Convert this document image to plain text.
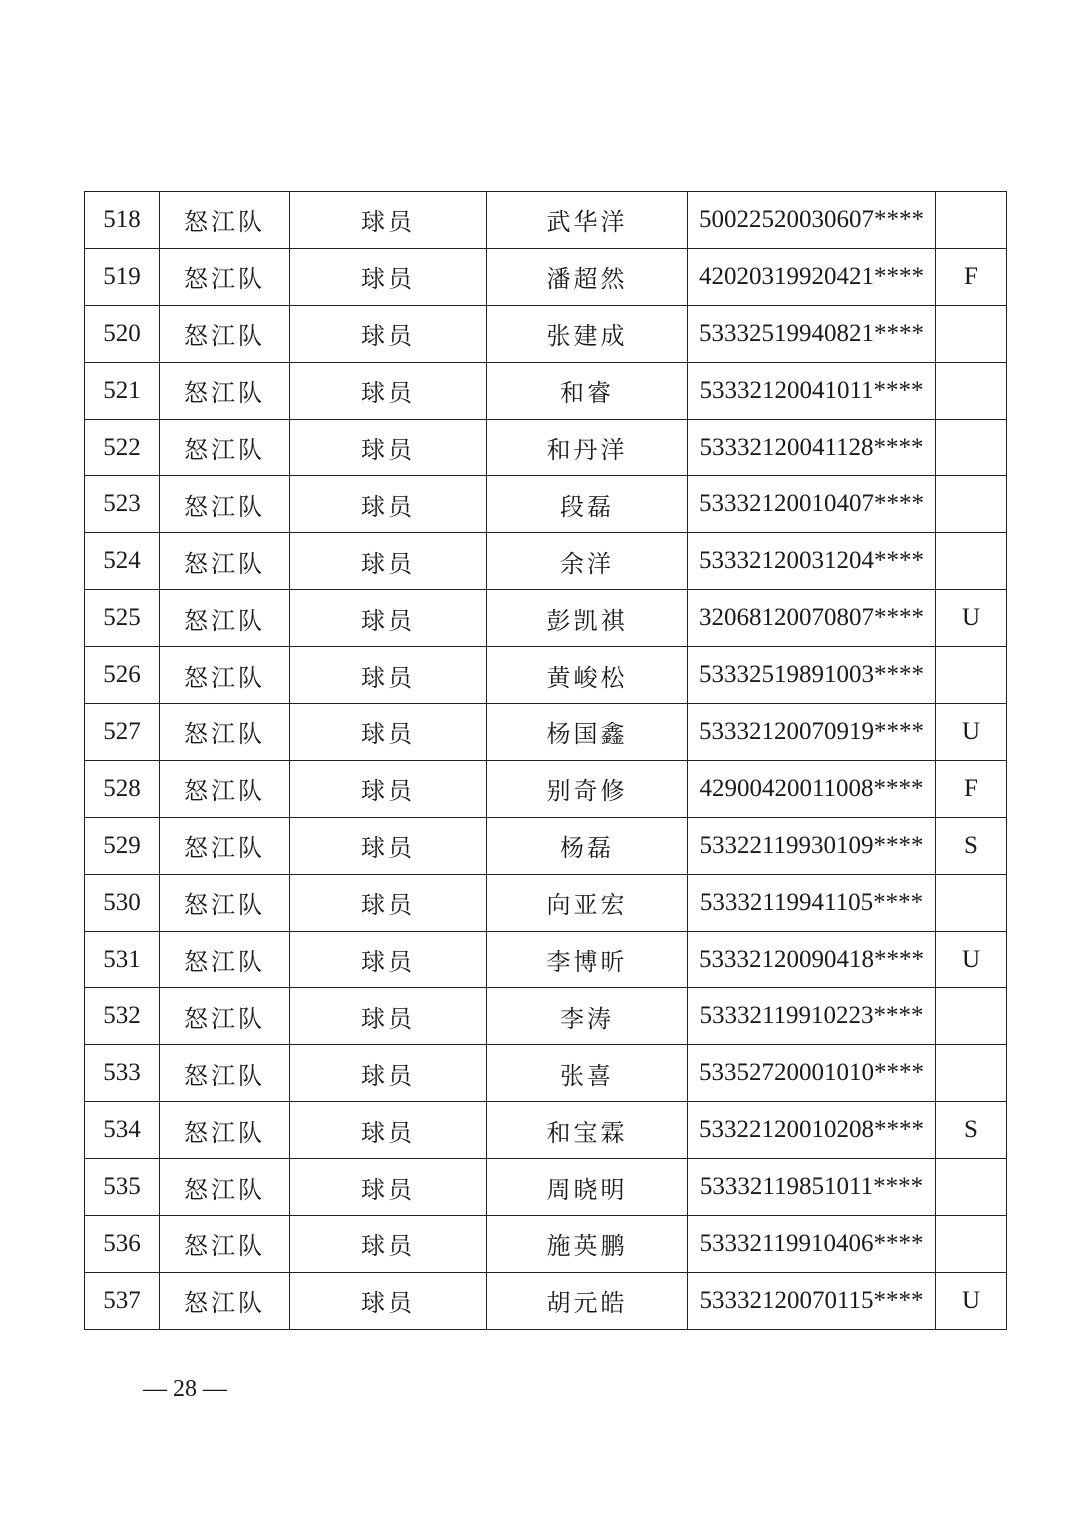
518	怒江队	球员	武华洋	50022520030607****	
519	怒江队	球员	潘超然	42020319920421****	F
520	怒江队	球员	张建成	53332519940821****	
521	怒江队	球员	和睿	53332120041011****	
522	怒江队	球员	和丹洋	53332120041128****	
523	怒江队	球员	段磊	53332120010407****	
524	怒江队	球员	余洋	53332120031204****	
525	怒江队	球员	彭凯祺	32068120070807****	U
526	怒江队	球员	黄峻松	53332519891003****	
527	怒江队	球员	杨国鑫	53332120070919****	U
528	怒江队	球员	别奇修	42900420011008****	F
529	怒江队	球员	杨磊	53322119930109****	S
530	怒江队	球员	向亚宏	53332119941105****	
531	怒江队	球员	李博昕	53332120090418****	U
532	怒江队	球员	李涛	53332119910223****	
533	怒江队	球员	张喜	53352720001010****	
534	怒江队	球员	和宝霖	53322120010208****	S
535	怒江队	球员	周晓明	53332119851011****	
536	怒江队	球员	施英鹏	53332119910406****	
537	怒江队	球员	胡元皓	53332120070115****	U
— 28 —
